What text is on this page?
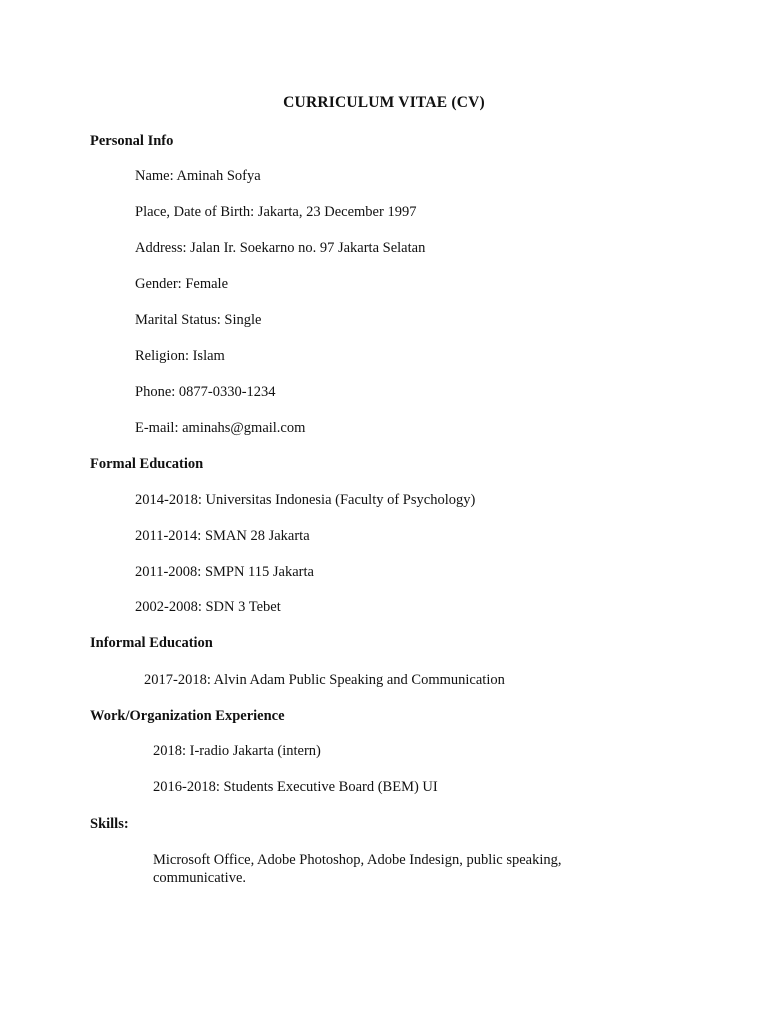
CURRICULUM VITAE (CV)
Personal Info
Name: Aminah Sofya
Place, Date of Birth: Jakarta, 23 December 1997
Address: Jalan Ir. Soekarno no. 97 Jakarta Selatan
Gender: Female
Marital Status: Single
Religion: Islam
Phone: 0877-0330-1234
E-mail: aminahs@gmail.com
Formal Education
2014-2018: Universitas Indonesia (Faculty of Psychology)
2011-2014: SMAN 28 Jakarta
2011-2008: SMPN 115 Jakarta
2002-2008: SDN 3 Tebet
Informal Education
2017-2018: Alvin Adam Public Speaking and Communication
Work/Organization Experience
2018: I-radio Jakarta (intern)
2016-2018: Students Executive Board (BEM) UI
Skills:
Microsoft Office, Adobe Photoshop, Adobe Indesign, public speaking, communicative.
